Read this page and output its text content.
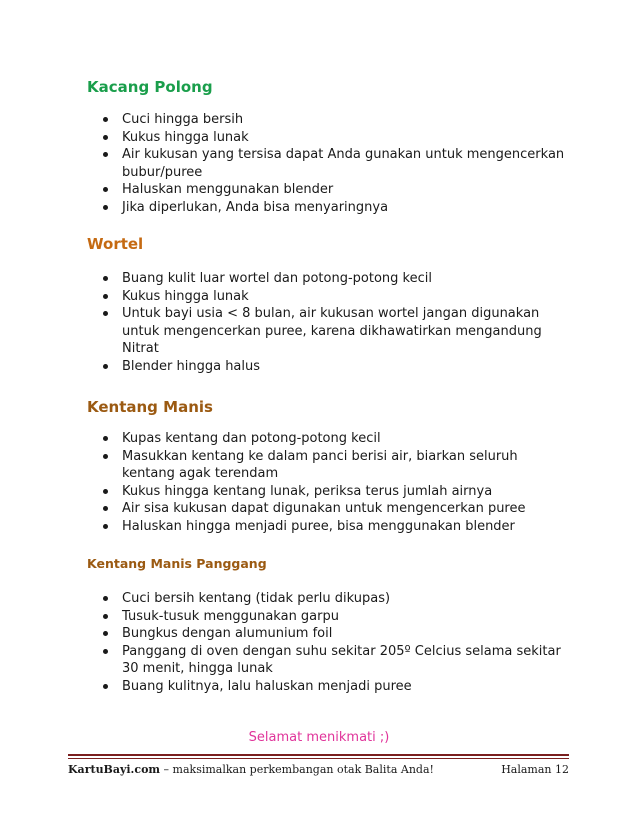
Kacang Polong
Cuci hingga bersih
Kukus hingga lunak
Air kukusan yang tersisa dapat Anda gunakan untuk mengencerkan bubur/puree
Haluskan menggunakan blender
Jika diperlukan, Anda bisa menyaringnya
Wortel
Buang kulit luar wortel dan potong-potong kecil
Kukus hingga lunak
Untuk bayi usia < 8 bulan, air kukusan wortel jangan digunakan untuk mengencerkan puree, karena dikhawatirkan mengandung Nitrat
Blender hingga halus
Kentang Manis
Kupas kentang dan potong-potong kecil
Masukkan kentang ke dalam panci berisi air, biarkan seluruh kentang agak terendam
Kukus hingga kentang lunak, periksa terus jumlah airnya
Air sisa kukusan dapat digunakan untuk mengencerkan puree
Haluskan hingga menjadi puree, bisa menggunakan blender
Kentang Manis Panggang
Cuci bersih kentang (tidak perlu dikupas)
Tusuk-tusuk menggunakan garpu
Bungkus dengan alumunium foil
Panggang di oven dengan suhu sekitar 205º Celcius selama sekitar 30 menit, hingga lunak
Buang kulitnya, lalu haluskan menjadi puree
Selamat menikmati ;)
KartuBayi.com – maksimalkan perkembangan otak Balita Anda!	Halaman 12
